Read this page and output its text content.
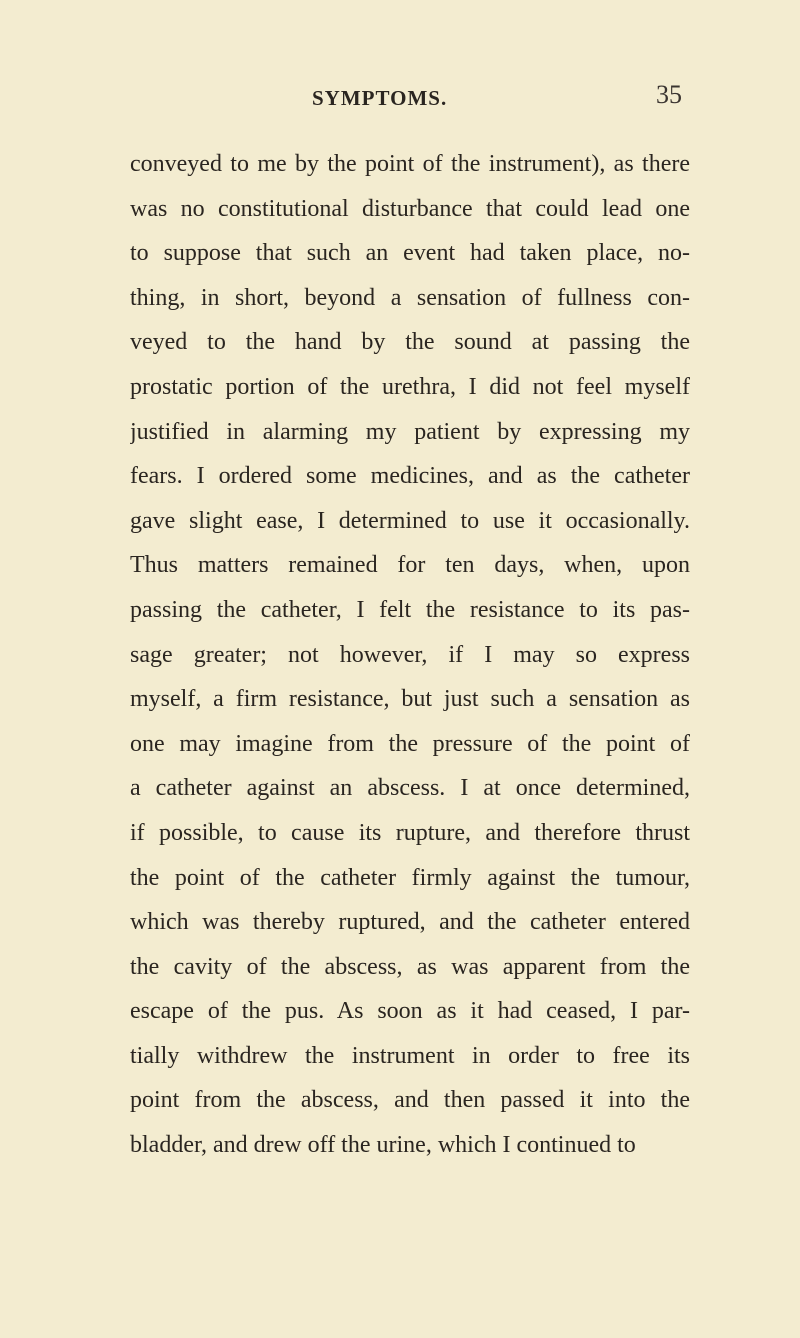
SYMPTOMS.	35
conveyed to me by the point of the instrument), as there
was no constitutional disturbance that could lead one
to suppose that such an event had taken place, no-
thing, in short, beyond a sensation of fullness con-
veyed to the hand by the sound at passing the
prostatic portion of the urethra, I did not feel myself
justified in alarming my patient by expressing my
fears. I ordered some medicines, and as the catheter
gave slight ease, I determined to use it occasionally.
Thus matters remained for ten days, when, upon
passing the catheter, I felt the resistance to its pas-
sage greater; not however, if I may so express
myself, a firm resistance, but just such a sensation as
one may imagine from the pressure of the point of
a catheter against an abscess. I at once determined,
if possible, to cause its rupture, and therefore thrust
the point of the catheter firmly against the tumour,
which was thereby ruptured, and the catheter entered
the cavity of the abscess, as was apparent from the
escape of the pus. As soon as it had ceased, I par-
tially withdrew the instrument in order to free its
point from the abscess, and then passed it into the
bladder, and drew off the urine, which I continued to
